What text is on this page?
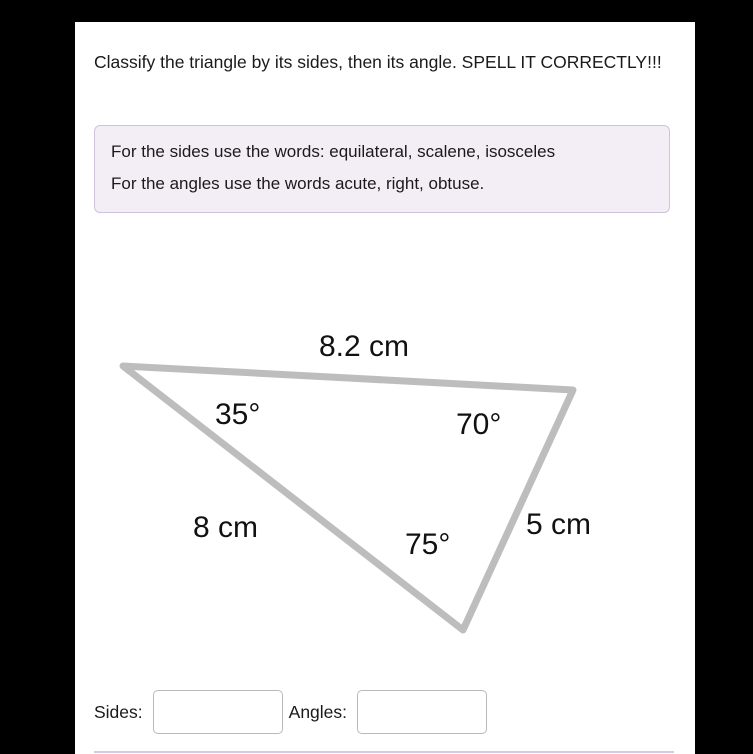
Classify the triangle by its sides, then its angle. SPELL IT CORRECTLY!!!
For the sides use the words: equilateral, scalene, isosceles
For the angles use the words acute, right, obtuse.
8.2 cm
35°	70°
8 cm
75°
5 cm
Sides:	Angles:
